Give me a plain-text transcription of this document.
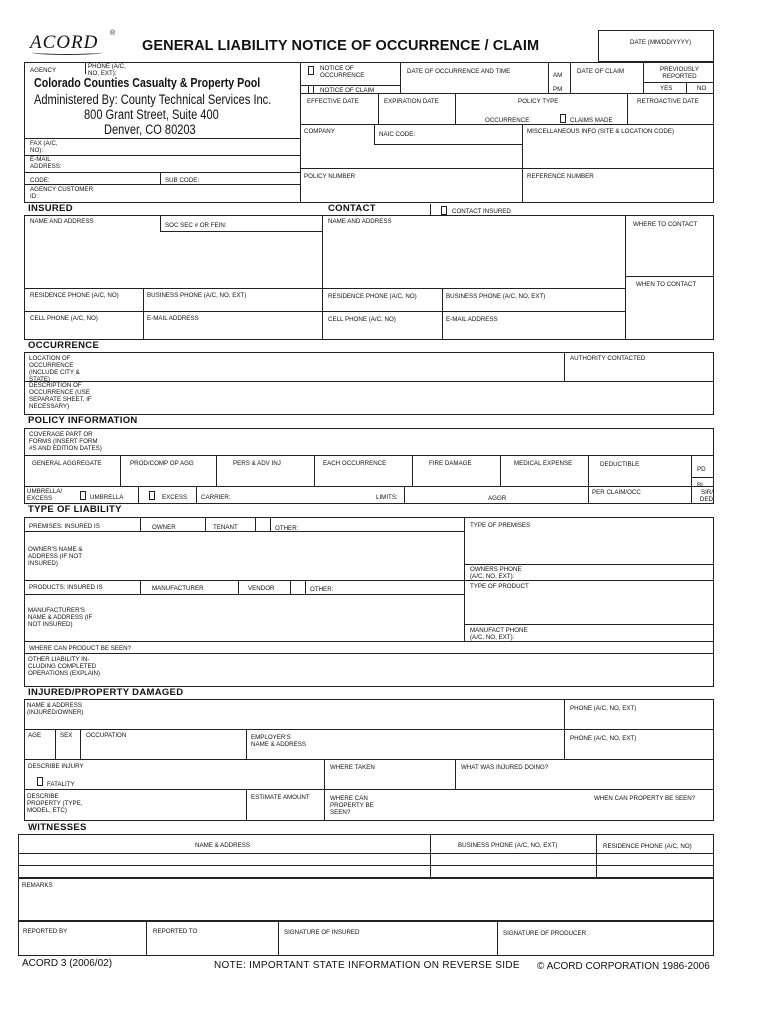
ACORD ®
GENERAL LIABILITY NOTICE OF OCCURRENCE / CLAIM	DATE (MM/DD/YYYY)
AGENCY
PHONE (A/C, NO, EXT):
Colorado Counties Casualty & Property Pool
Administered By: County Technical Services Inc.
800 Grant Street, Suite 400
Denver, CO 80203
FAX (A/C, NO):
E-MAIL ADDRESS:
CODE:	SUB CODE:
AGENCY CUSTOMER ID:
NOTICE OF OCCURRENCE
NOTICE OF CLAIM
DATE OF OCCURRENCE AND TIME
AM
PM
DATE OF CLAIM	PREVIOUSLY REPORTED
YES	NO
EFFECTIVE DATE	EXPIRATION DATE	POLICY TYPE
OCCURRENCE	CLAIMS MADE
RETROACTIVE DATE
COMPANY	NAIC CODE:	MISCELLANEOUS INFO (SITE & LOCATION CODE)
POLICY NUMBER	REFERENCE NUMBER
INSURED	CONTACT	CONTACT INSURED
NAME AND ADDRESS
SOC SEC # OR FEIN:
NAME AND ADDRESS	WHERE TO CONTACT
WHEN TO CONTACT
RESIDENCE PHONE (A/C, NO)	BUSINESS PHONE (A/C, NO, EXT)	RESIDENCE PHONE (A/C, NO)	BUSINESS PHONE (A/C, NO, EXT)
CELL PHONE (A/C, NO)	E-MAIL ADDRESS	CELL PHONE (A/C, NO)	E-MAIL ADDRESS
OCCURRENCE
LOCATION OF OCCURRENCE (INCLUDE CITY & STATE)
AUTHORITY CONTACTED
DESCRIPTION OF OCCURRENCE (USE SEPARATE SHEET, IF NECESSARY)
POLICY INFORMATION
COVERAGE PART OR FORMS (INSERT FORM #S AND EDITION DATES)
GENERAL AGGREGATE	PROD/COMP OP AGG	PERS & ADV INJ	EACH OCCURRENCE	FIRE DAMAGE	MEDICAL EXPENSE	DEDUCTIBLE
PD
BI
UMBRELLA/ EXCESS	UMBRELLA	EXCESS CARRIER:	LIMITS:	AGGR
PER CLAIM/OCC	SIR/ DED
TYPE OF LIABILITY
PREMISES: INSURED IS	OWNER	TENANT	OTHER:	TYPE OF PREMISES
OWNER'S NAME & ADDRESS (IF NOT INSURED)
OWNERS PHONE (A/C, NO, EXT):
PRODUCTS: INSURED IS	MANUFACTURER	VENDOR	OTHER:	TYPE OF PRODUCT
MANUFACTURER'S NAME & ADDRESS (IF NOT INSURED)
MANUFACT PHONE (A/C, NO, EXT):
WHERE CAN PRODUCT BE SEEN?
OTHER LIABILITY IN- CLUDING COMPLETED OPERATIONS (EXPLAIN)
INJURED/PROPERTY DAMAGED
NAME & ADDRESS (INJURED/OWNER)
PHONE (A/C, NO, EXT)
AGE	SEX OCCUPATION	EMPLOYER'S NAME & ADDRESS
PHONE (A/C, NO, EXT)
DESCRIBE INJURY	WHERE TAKEN	WHAT WAS INJURED DOING?
FATALITY
DESCRIBE PROPERTY (TYPE, MODEL, ETC)
ESTIMATE AMOUNT	WHERE CAN PROPERTY BE SEEN?
WHEN CAN PROPERTY BE SEEN?
WITNESSES
NAME & ADDRESS	BUSINESS PHONE (A/C, NO, EXT)	RESIDENCE PHONE (A/C, NO)
REMARKS
REPORTED BY	REPORTED TO	SIGNATURE OF INSURED	SIGNATURE OF PRODUCER
ACORD 3 (2006/02)	NOTE: IMPORTANT STATE INFORMATION ON REVERSE SIDE © ACORD CORPORATION 1986-2006
